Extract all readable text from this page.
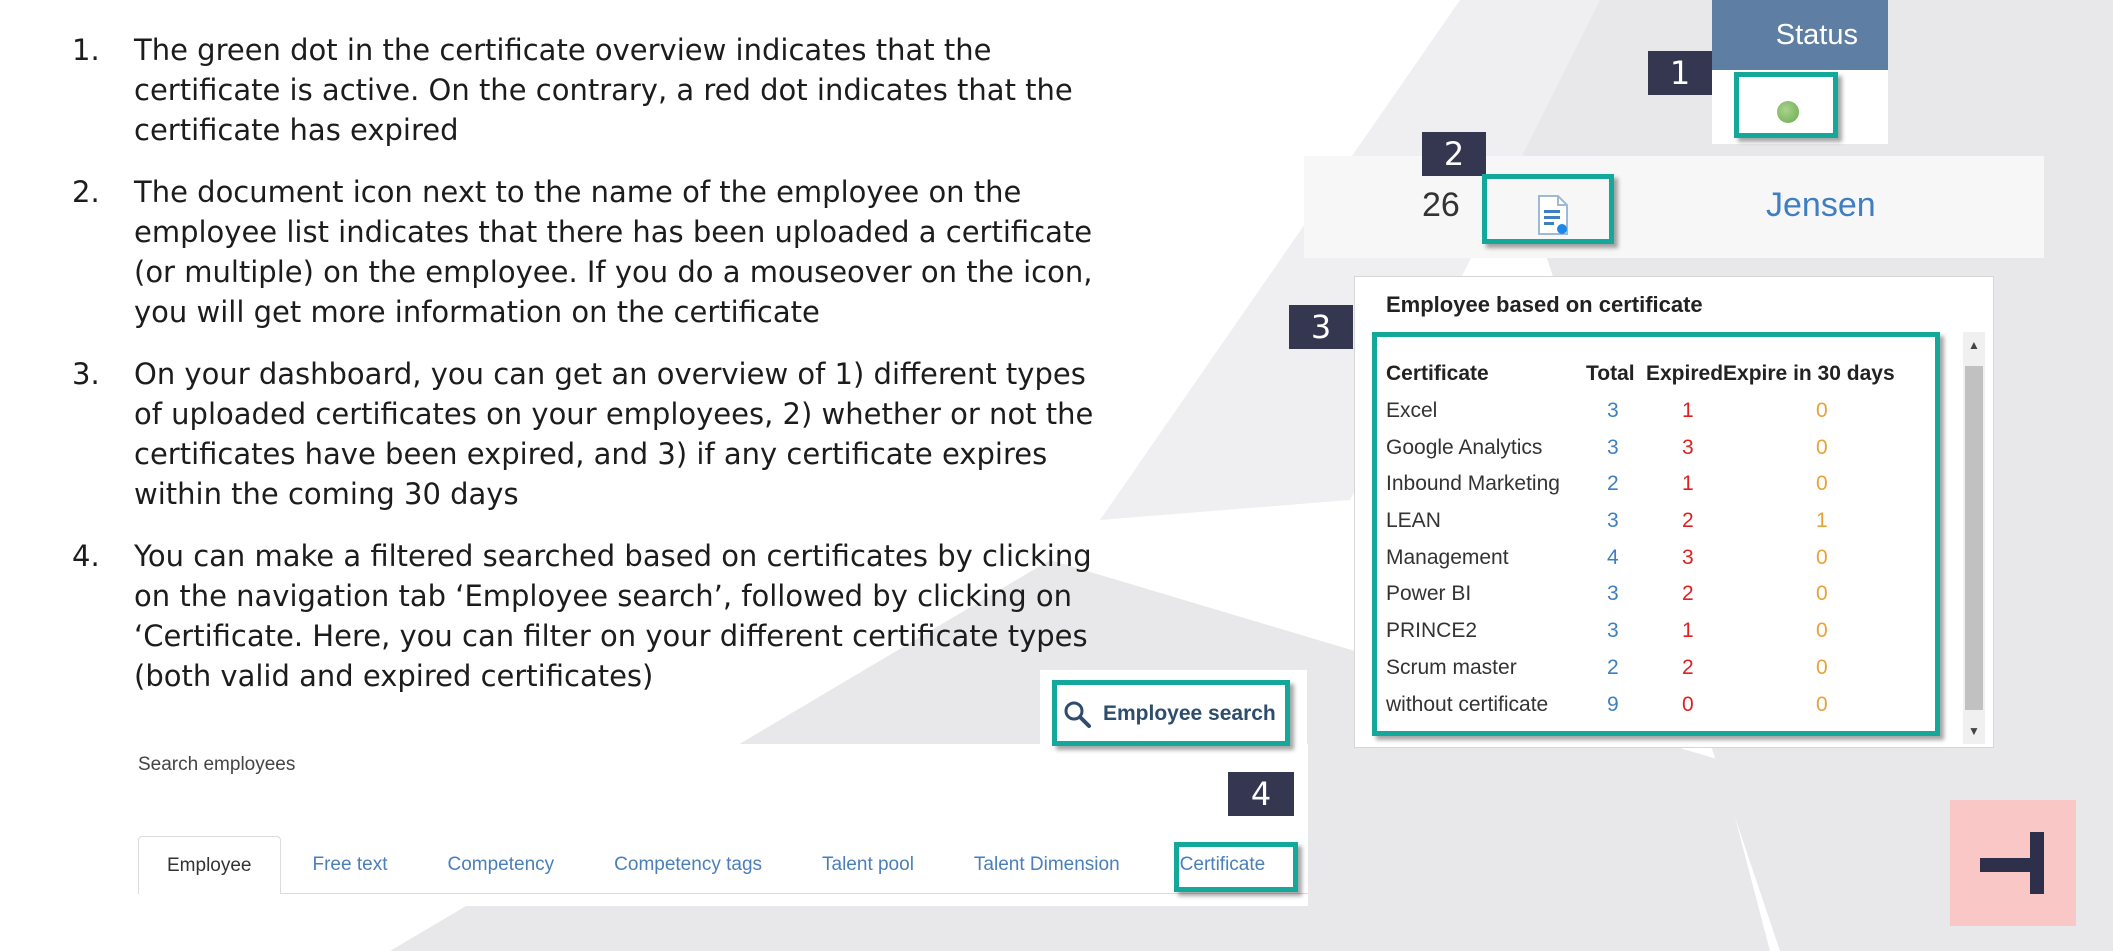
1.	The green dot in the certificate overview indicates that the certificate is active. On the contrary, a red dot indicates that the certificate has expired
2.	The document icon next to the name of the employee on the employee list indicates that there has been uploaded a certificate (or multiple) on the employee. If you do a mouseover on the icon, you will get more information on the certificate
3.	On your dashboard, you can get an overview of 1) different types of uploaded certificates on your employees, 2) whether or not the certificates have been expired, and 3) if any certificate expires within the coming 30 days
4.	You can make a filtered searched based on certificates by clicking on the navigation tab ‘Employee search’, followed by clicking on ‘Certificate. Here, you can filter on your different certificate types (both valid and expired certificates)
Status
1
26	Jensen
2
Employee based on certificate
Certificate	Total	Expired	Expire in 30 days
Excel	3	1	0
Google Analytics	3	3	0
Inbound Marketing	2	1	0
LEAN	3	2	1
Management	4	3	0
Power BI	3	2	0
PRINCE2	3	1	0
Scrum master	2	2	0
without certificate	9	0	0
▲
▼
3
Employee search
Search employees
4
Employee	Free text	Competency	Competency tags	Talent pool	Talent Dimension	Certificate
